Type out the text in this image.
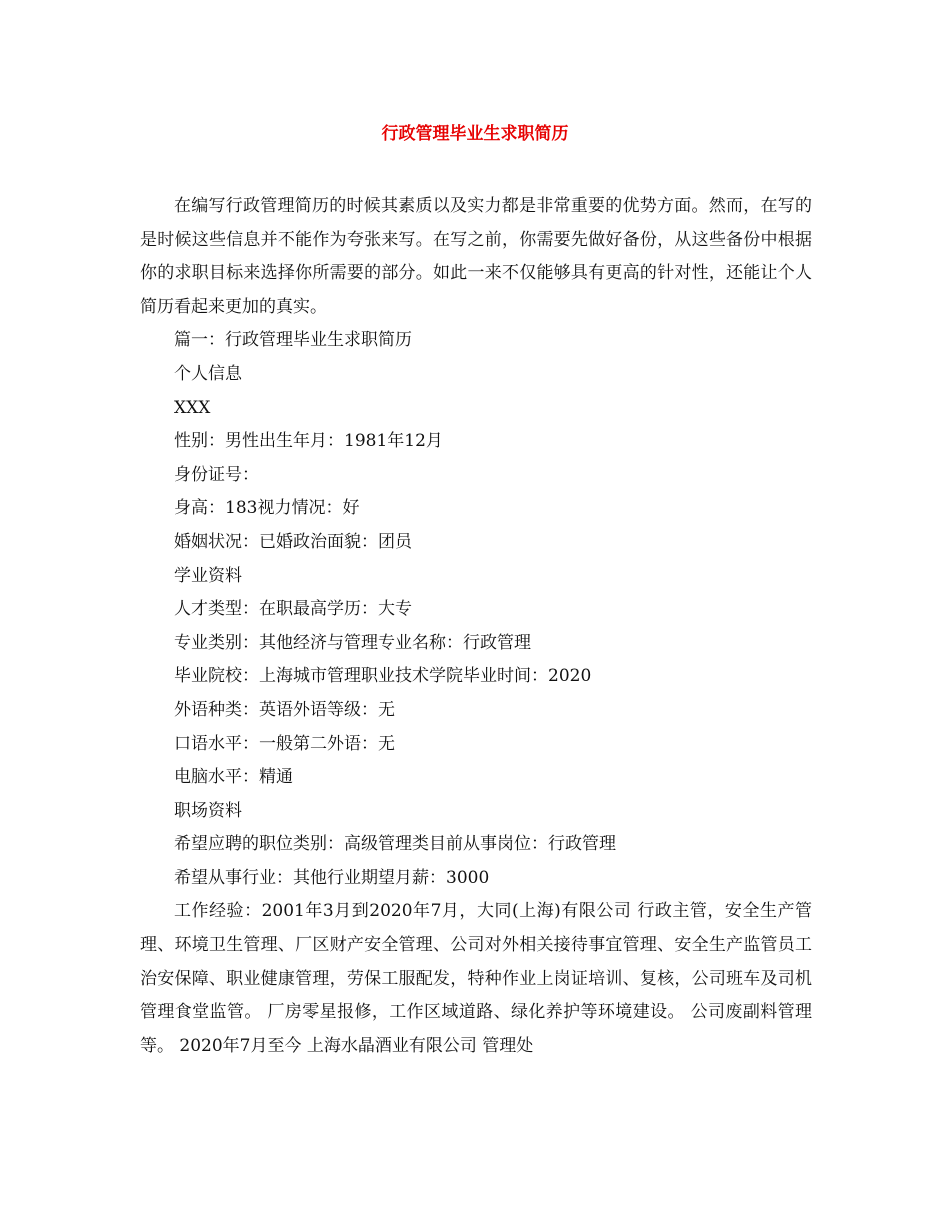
行政管理毕业生求职简历

在编写行政管理简历的时候其素质以及实力都是非常重要的优势方面。然而，在写的是时候这些信息并不能作为夸张来写。在写之前，你需要先做好备份，从这些备份中根据你的求职目标来选择你所需要的部分。如此一来不仅能够具有更高的针对性，还能让个人简历看起来更加的真实。

篇一：行政管理毕业生求职简历

个人信息

XXX

性别：男性出生年月：1981年12月

身份证号：

身高：183视力情况：好

婚姻状况：已婚政治面貌：团员

学业资料

人才类型：在职最高学历：大专

专业类别：其他经济与管理专业名称：行政管理

毕业院校：上海城市管理职业技术学院毕业时间：2020

外语种类：英语外语等级：无

口语水平：一般第二外语：无

电脑水平：精通

职场资料

希望应聘的职位类别：高级管理类目前从事岗位：行政管理

希望从事行业：其他行业期望月薪：3000

工作经验：2001年3月到2020年7月，大同(上海)有限公司 行政主管，安全生产管理、环境卫生管理、厂区财产安全管理、公司对外相关接待事宜管理、安全生产监管员工治安保障、职业健康管理，劳保工服配发，特种作业上岗证培训、复核，公司班车及司机管理食堂监管。 厂房零星报修，工作区域道路、绿化养护等环境建设。 公司废副料管理等。 2020年7月至今 上海水晶酒业有限公司 管理处
